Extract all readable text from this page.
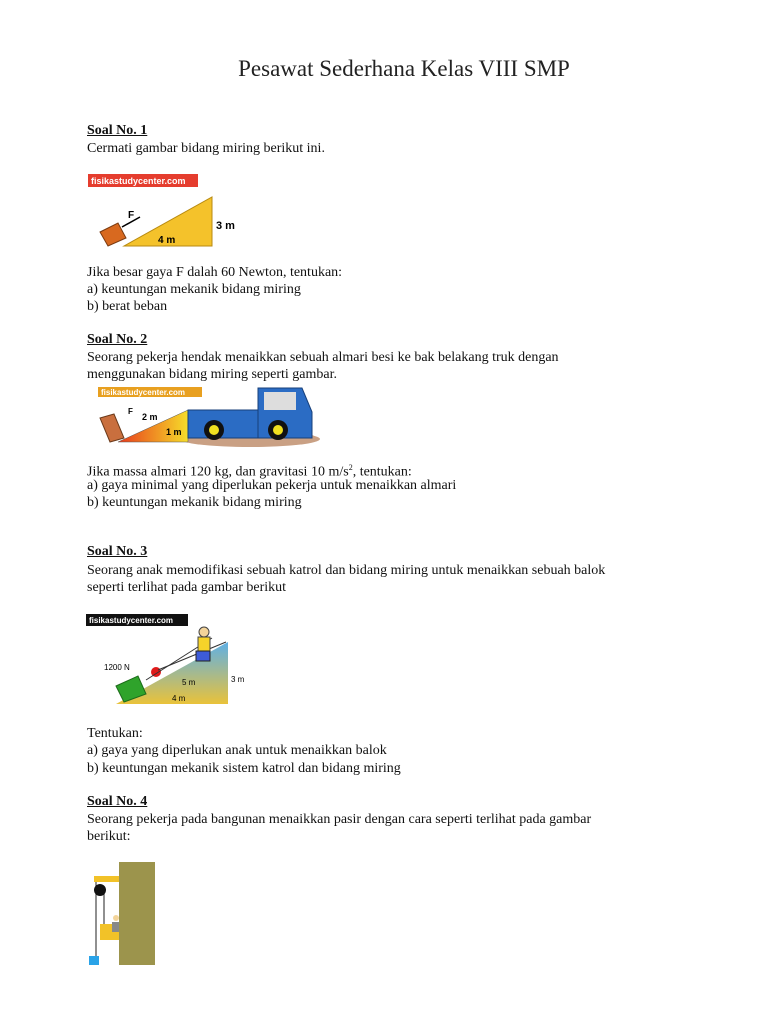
Pesawat Sederhana Kelas VIII SMP
Soal No. 1
Cermati gambar bidang miring berikut ini.
fisikastudycenter.com
F
3 m
4 m
Jika besar gaya F dalah 60 Newton, tentukan:
a) keuntungan mekanik bidang miring
b) berat beban
Soal No. 2
Seorang pekerja hendak menaikkan sebuah almari besi ke bak belakang truk dengan
menggunakan bidang miring seperti gambar.
fisikastudycenter.com
F
2 m
1 m
Jika massa almari 120 kg, dan gravitasi 10 $m/s^2$, tentukan:
a) gaya minimal yang diperlukan pekerja untuk menaikkan almari
b) keuntungan mekanik bidang miring
Soal No. 3
Seorang anak memodifikasi sebuah katrol dan bidang miring untuk menaikkan sebuah balok
seperti terlihat pada gambar berikut
fisikastudycenter.com
1200 N
5 m	3 m
4 m
Tentukan:
a) gaya yang diperlukan anak untuk menaikkan balok
b) keuntungan mekanik sistem katrol dan bidang miring
Soal No. 4
Seorang pekerja pada bangunan menaikkan pasir dengan cara seperti terlihat pada gambar
berikut:
